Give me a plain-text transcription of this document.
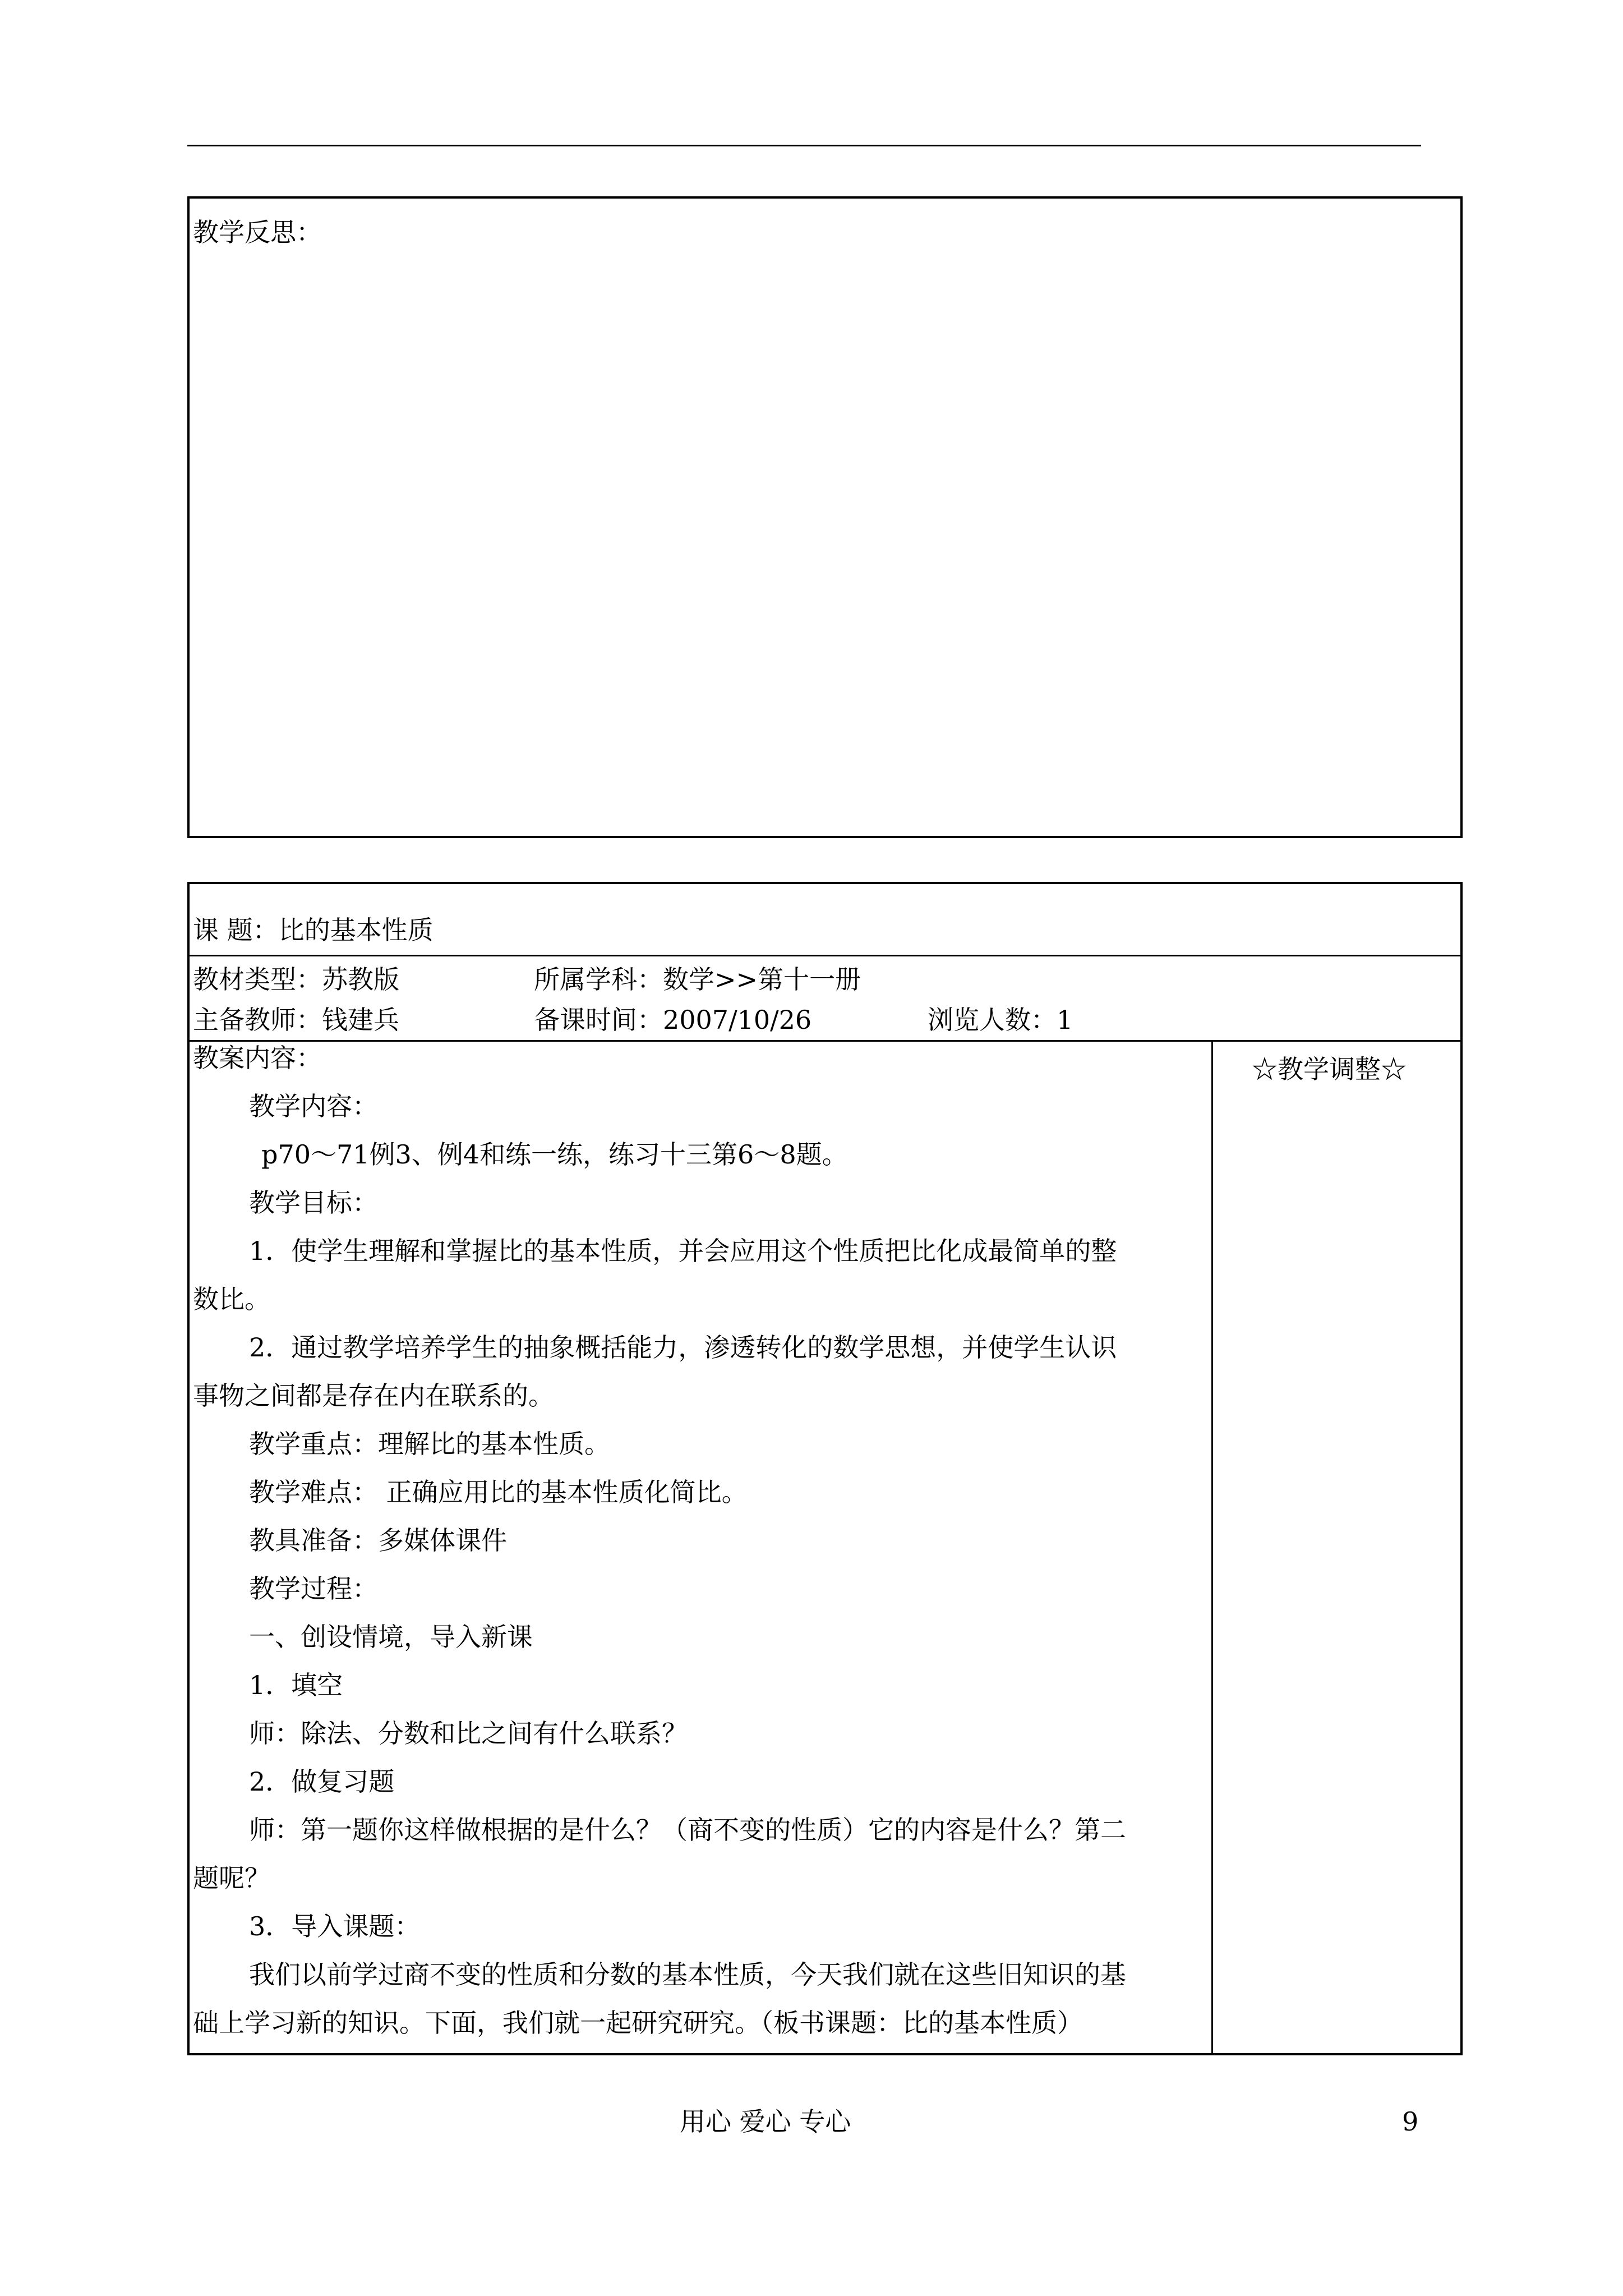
教学反思：
课 题：比的基本性质
教材类型：苏教版	所属学科：数学>>第十一册
主备教师：钱建兵	备课时间：2007/10/26	浏览人数：1
☆教学调整☆
教案内容：
教学内容：
p70～71例3、例4和练一练，练习十三第6～8题。
教学目标：
1．使学生理解和掌握比的基本性质，并会应用这个性质把比化成最简单的整
数比。
2．通过教学培养学生的抽象概括能力，渗透转化的数学思想，并使学生认识
事物之间都是存在内在联系的。
教学重点：理解比的基本性质。
教学难点： 正确应用比的基本性质化简比。
教具准备：多媒体课件
教学过程：
一、创设情境，导入新课
1．填空
师：除法、分数和比之间有什么联系？
2．做复习题
师：第一题你这样做根据的是什么？（商不变的性质）它的内容是什么？第二
题呢？
3．导入课题：
我们以前学过商不变的性质和分数的基本性质，今天我们就在这些旧知识的基
础上学习新的知识。下面，我们就一起研究研究。（板书课题：比的基本性质）
用心 爱心 专心	9
